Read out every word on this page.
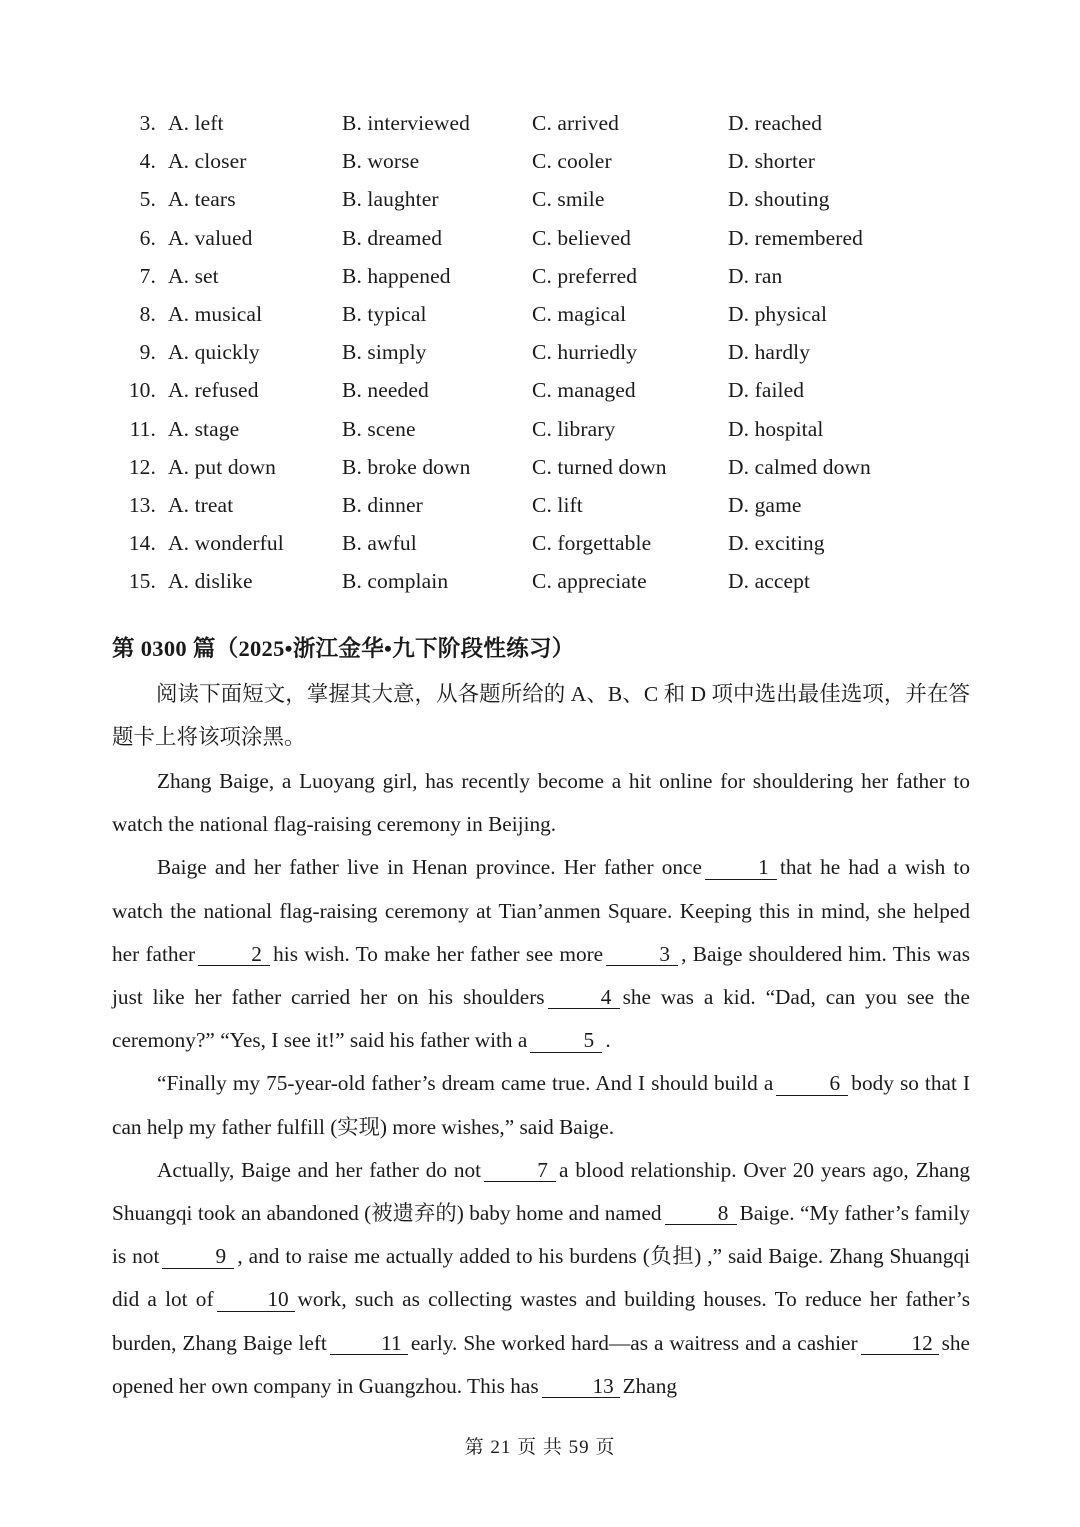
3. A. left	B. interviewed	C. arrived	D. reached
4. A. closer	B. worse	C. cooler	D. shorter
5. A. tears	B. laughter	C. smile	D. shouting
6. A. valued	B. dreamed	C. believed	D. remembered
7. A. set	B. happened	C. preferred	D. ran
8. A. musical	B. typical	C. magical	D. physical
9. A. quickly	B. simply	C. hurriedly	D. hardly
10. A. refused	B. needed	C. managed	D. failed
11. A. stage	B. scene	C. library	D. hospital
12. A. put down	B. broke down	C. turned down	D. calmed down
13. A. treat	B. dinner	C. lift	D. game
14. A. wonderful	B. awful	C. forgettable	D. exciting
15. A. dislike	B. complain	C. appreciate	D. accept
第 0300 篇（2025•浙江金华•九下阶段性练习）
阅读下面短文，掌握其大意，从各题所给的 A、B、C 和 D 项中选出最佳选项，并在答题卡上将该项涂黑。

Zhang Baige, a Luoyang girl, has recently become a hit online for shouldering her father to watch the national flag-raising ceremony in Beijing.

Baige and her father live in Henan province. Her father once	1 that he had a wish to watch the national flag-raising ceremony at Tian’anmen Square. Keeping this in mind, she helped her father	2 his wish. To make her father see more	3 , Baige shouldered him. This was just like her father carried her on his shoulders	4 she was a kid. “Dad, can you see the ceremony?” “Yes, I see it!” said his father with a	5 .

“Finally my 75-year-old father’s dream came true. And I should build a	6 body so that I can help my father fulfill (实现) more wishes,” said Baige.

Actually, Baige and her father do not	7 a blood relationship. Over 20 years ago, Zhang Shuangqi took an abandoned (被遗弃的) baby home and named	8 Baige. “My father’s family is not	9 , and to raise me actually added to his burdens (负担) ,” said Baige. Zhang Shuangqi did a lot of	10 work, such as collecting wastes and building houses. To reduce her father’s burden, Zhang Baige left	11 early. She worked hard—as a waitress and a cashier	12 she opened her own company in Guangzhou. This has	13 Zhang

第 21 页 共 59 页
